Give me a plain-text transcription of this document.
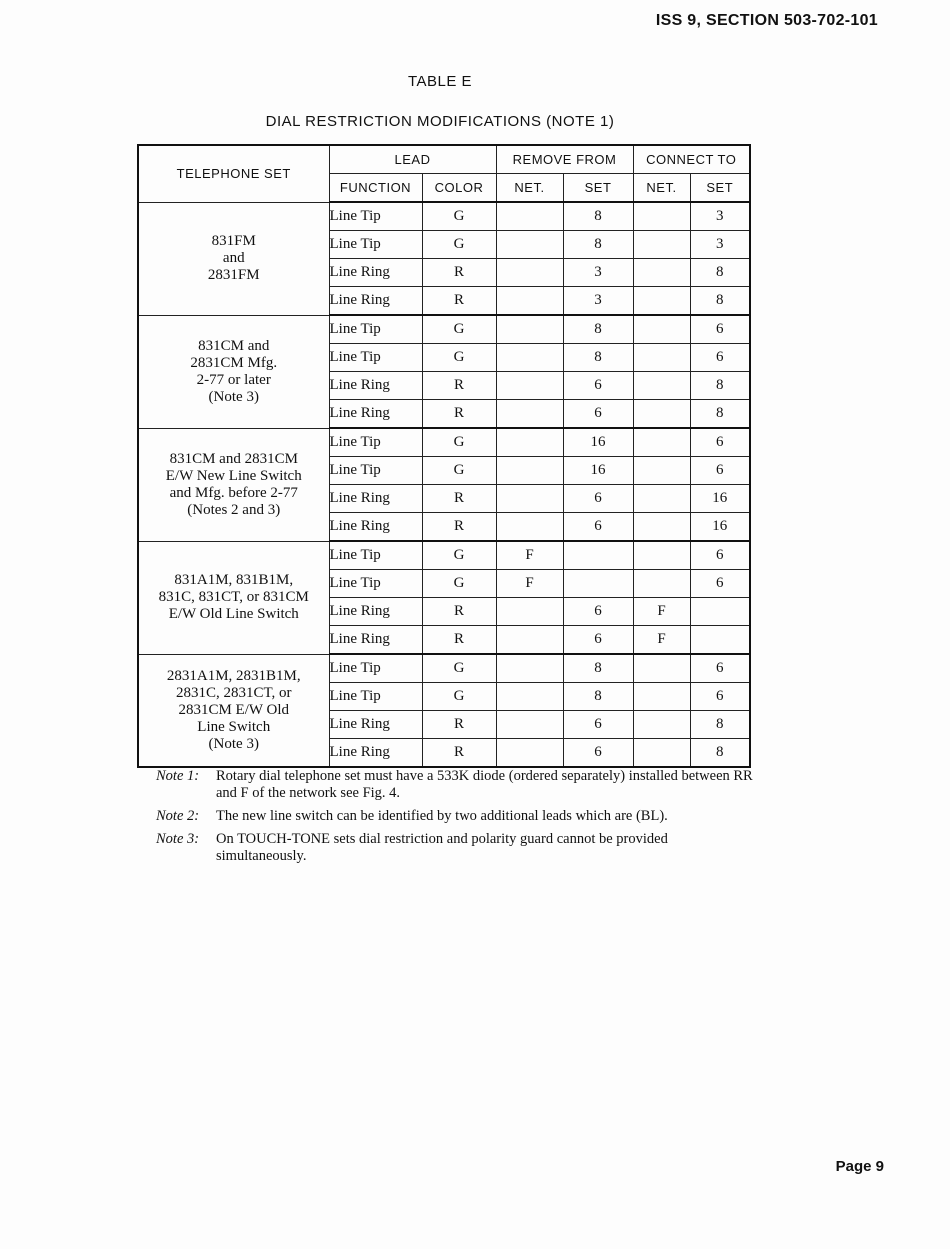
ISS 9, SECTION 503-702-101
TABLE E
DIAL RESTRICTION MODIFICATIONS (NOTE 1)
TELEPHONE SET	LEAD		REMOVE FROM		CONNECT TO	
	FUNCTION	COLOR	NET.	SET	NET.	SET

831FM
and
2831FM	Line Tip	G		8		3
	Line Tip	G		8		3
	Line Ring	R		3		8
	Line Ring	R		3		8

831CM and
2831CM Mfg.
2-77 or later
(Note 3)	Line Tip	G		8		6
	Line Tip	G		8		6
	Line Ring	R		6		8
	Line Ring	R		6		8

831CM and 2831CM
E/W New Line Switch
and Mfg. before 2-77
(Notes 2 and 3)	Line Tip	G		16		6
	Line Tip	G		16		6
	Line Ring	R		6		16
	Line Ring	R		6		16

831A1M, 831B1M,
831C, 831CT, or 831CM
E/W Old Line Switch	Line Tip	G	F			6
	Line Tip	G	F			6
	Line Ring	R		6	F	
	Line Ring	R		6	F	

2831A1M, 2831B1M,
2831C, 2831CT, or
2831CM E/W Old
Line Switch
(Note 3)	Line Tip	G		8		6
	Line Tip	G		8		6
	Line Ring	R		6		8
	Line Ring	R		6		8
Note 1:	Rotary dial telephone set must have a 533K diode (ordered separately) installed between RR and F of the network see Fig. 4.
Note 2:	The new line switch can be identified by two additional leads which are (BL).
Note 3:	On TOUCH-TONE sets dial restriction and polarity guard cannot be provided simultaneously.
Page 9
